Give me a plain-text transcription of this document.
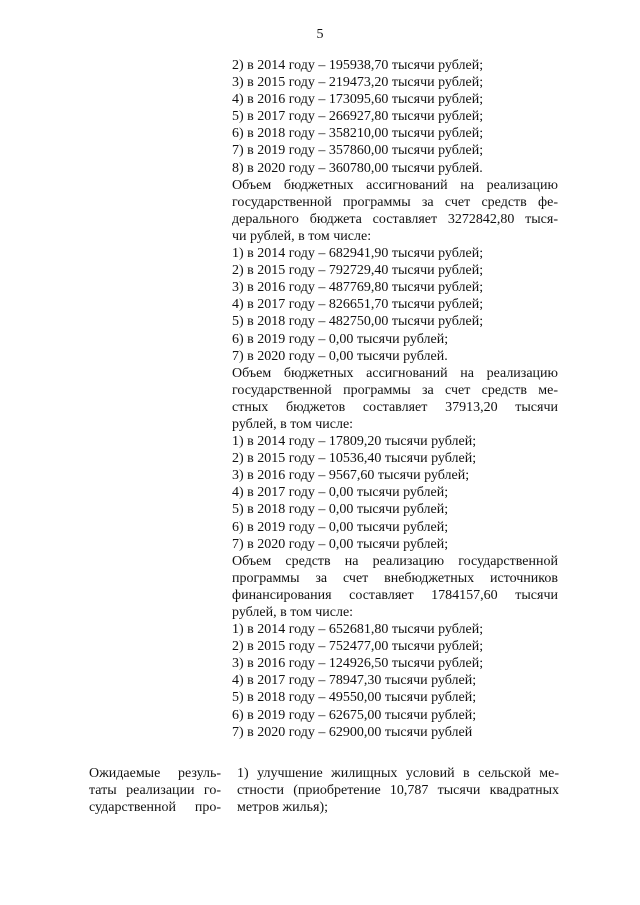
5
2) в 2014 году – 195938,70 тысячи рублей;
3) в 2015 году – 219473,20 тысячи рублей;
4) в 2016 году – 173095,60 тысячи рублей;
5) в 2017 году – 266927,80 тысячи рублей;
6) в 2018 году – 358210,00 тысячи рублей;
7) в 2019 году – 357860,00 тысячи рублей;
8) в 2020 году – 360780,00 тысячи рублей.
Объем бюджетных ассигнований на реализацию
государственной программы за счет средств фе-
дерального бюджета составляет 3272842,80 тыся-
чи рублей, в том числе:
1) в 2014 году – 682941,90 тысячи рублей;
2) в 2015 году – 792729,40 тысячи рублей;
3) в 2016 году – 487769,80 тысячи рублей;
4) в 2017 году – 826651,70 тысячи рублей;
5) в 2018 году – 482750,00 тысячи рублей;
6) в 2019 году – 0,00 тысячи рублей;
7) в 2020 году – 0,00 тысячи рублей.
Объем бюджетных ассигнований на реализацию
государственной программы за счет средств ме-
стных бюджетов составляет 37913,20 тысячи
рублей, в том числе:
1) в 2014 году – 17809,20 тысячи рублей;
2) в 2015 году – 10536,40 тысячи рублей;
3) в 2016 году – 9567,60 тысячи рублей;
4) в 2017 году – 0,00 тысячи рублей;
5) в 2018 году – 0,00 тысячи рублей;
6) в 2019 году – 0,00 тысячи рублей;
7) в 2020 году – 0,00 тысячи рублей;
Объем средств на реализацию государственной
программы за счет внебюджетных источников
финансирования составляет 1784157,60 тысячи
рублей, в том числе:
1) в 2014 году – 652681,80 тысячи рублей;
2) в 2015 году – 752477,00 тысячи рублей;
3) в 2016 году – 124926,50 тысячи рублей;
4) в 2017 году – 78947,30 тысячи рублей;
5) в 2018 году – 49550,00 тысячи рублей;
6) в 2019 году – 62675,00 тысячи рублей;
7) в 2020 году – 62900,00 тысячи рублей
Ожидаемые резуль-
таты реализации го-
сударственной про-
1) улучшение жилищных условий в сельской ме-
стности (приобретение 10,787 тысячи квадратных
метров жилья);
